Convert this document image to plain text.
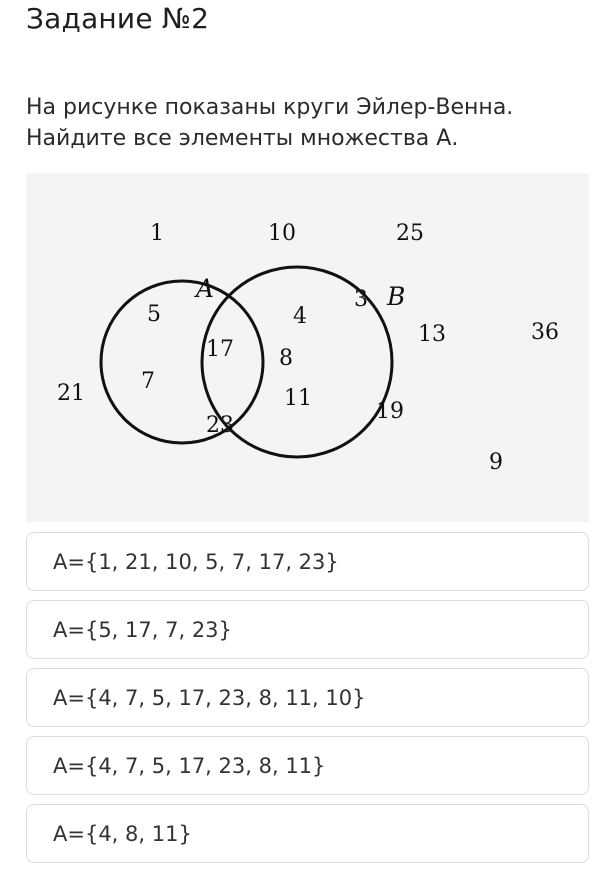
Задание №2
На рисунке показаны круги Эйлер-Венна.
Найдите все элементы множества А.
A	B
1	10	25
21
36
9
5
17
7
23
4
8
11
3
13
19
A={1, 21, 10, 5, 7, 17, 23}
A={5, 17, 7, 23}
A={4, 7, 5, 17, 23, 8, 11, 10}
A={4, 7, 5, 17, 23, 8, 11}
A={4, 8, 11}
